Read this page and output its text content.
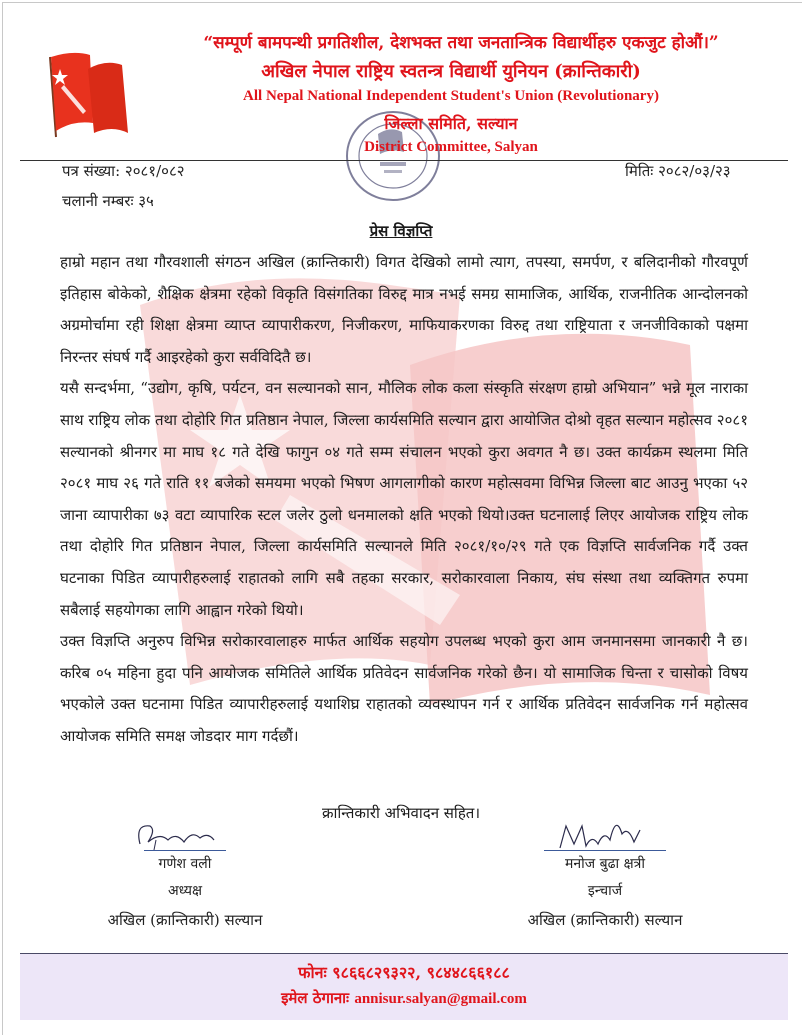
“सम्पूर्ण बामपन्थी प्रगतिशील, देशभक्त तथा जनतान्त्रिक विद्यार्थीहरु एकजुट होऔं।”
अखिल नेपाल राष्ट्रिय स्वतन्त्र विद्यार्थी युनियन (क्रान्तिकारी)
All Nepal National Independent Student's Union (Revolutionary)
जिल्ला समिति, सल्यान
District Committee, Salyan
पत्र संख्या: २०८१/०८२	मितिः २०८२/०३/२३
चलानी नम्बरः ३५
प्रेस विज्ञप्ति

हाम्रो महान तथा गौरवशाली संगठन अखिल (क्रान्तिकारी) विगत देखिको लामो त्याग, तपस्या, समर्पण, र बलिदानीको गौरवपूर्ण इतिहास बोकेको, शैक्षिक क्षेत्रमा रहेको विकृति विसंगतिका विरुद्द मात्र नभई समग्र सामाजिक, आर्थिक, राजनीतिक आन्दोलनको अग्रमोर्चामा रही शिक्षा क्षेत्रमा व्याप्त व्यापारीकरण, निजीकरण, माफियाकरणका विरुद्द तथा राष्ट्रियाता र जनजीविकाको पक्षमा निरन्तर संघर्ष गर्दै आइरहेको कुरा सर्वविदितै छ।

यसै सन्दर्भमा, “उद्योग, कृषि, पर्यटन, वन सल्यानको सान, मौलिक लोक कला संस्कृति संरक्षण हाम्रो अभियान” भन्ने मूल नाराका साथ राष्ट्रिय लोक तथा दोहोरि गित प्रतिष्ठान नेपाल, जिल्ला कार्यसमिति सल्यान द्वारा आयोजित दोश्रो वृहत सल्यान महोत्सव २०८१ सल्यानको श्रीनगर मा माघ १८ गते देखि फागुन ०४ गते सम्म संचालन भएको कुरा अवगत नै छ। उक्त कार्यक्रम स्थलमा मिति २०८१ माघ २६ गते राति ११ बजेको समयमा भएको भिषण आगलागीको कारण महोत्सवमा विभिन्न जिल्ला बाट आउनु भएका ५२ जाना व्यापारीका ७३ वटा व्यापारिक स्टल जलेर ठुलो धनमालको क्षति भएको थियो।उक्त घटनालाई लिएर आयोजक राष्ट्रिय लोक तथा दोहोरि गित प्रतिष्ठान नेपाल, जिल्ला कार्यसमिति सल्यानले मिति २०८१/१०/२९ गते एक विज्ञप्ति सार्वजनिक गर्दै उक्त घटनाका पिडित व्यापारीहरुलाई राहातको लागि सबै तहका सरकार, सरोकारवाला निकाय, संघ संस्था तथा व्यक्तिगत रुपमा सबैलाई सहयोगका लागि आह्वान गरेको थियो।

उक्त विज्ञप्ति अनुरुप विभिन्न सरोकारवालाहरु मार्फत आर्थिक सहयोग उपलब्ध भएको कुरा आम जनमानसमा जानकारी नै छ।करिब ०५ महिना हुदा पनि आयोजक समितिले आर्थिक प्रतिवेदन सार्वजनिक गरेको छैन। यो सामाजिक चिन्ता र चासोको विषय भएकोले उक्त घटनामा पिडित व्यापारीहरुलाई यथाशिघ्र राहातको व्यवस्थापन गर्न र आर्थिक प्रतिवेदन सार्वजनिक गर्न महोत्सव आयोजक समिति समक्ष जोडदार माग गर्दछौं।

क्रान्तिकारी अभिवादन सहित।
गणेश वली
अध्यक्ष
अखिल (क्रान्तिकारी) सल्यान
मनोज बुढा क्षत्री
इन्चार्ज
अखिल (क्रान्तिकारी) सल्यान
फोनः ९८६६८२९३२२, ९८४४८६६१८८
इमेल ठेगानाः annisur.salyan@gmail.com
